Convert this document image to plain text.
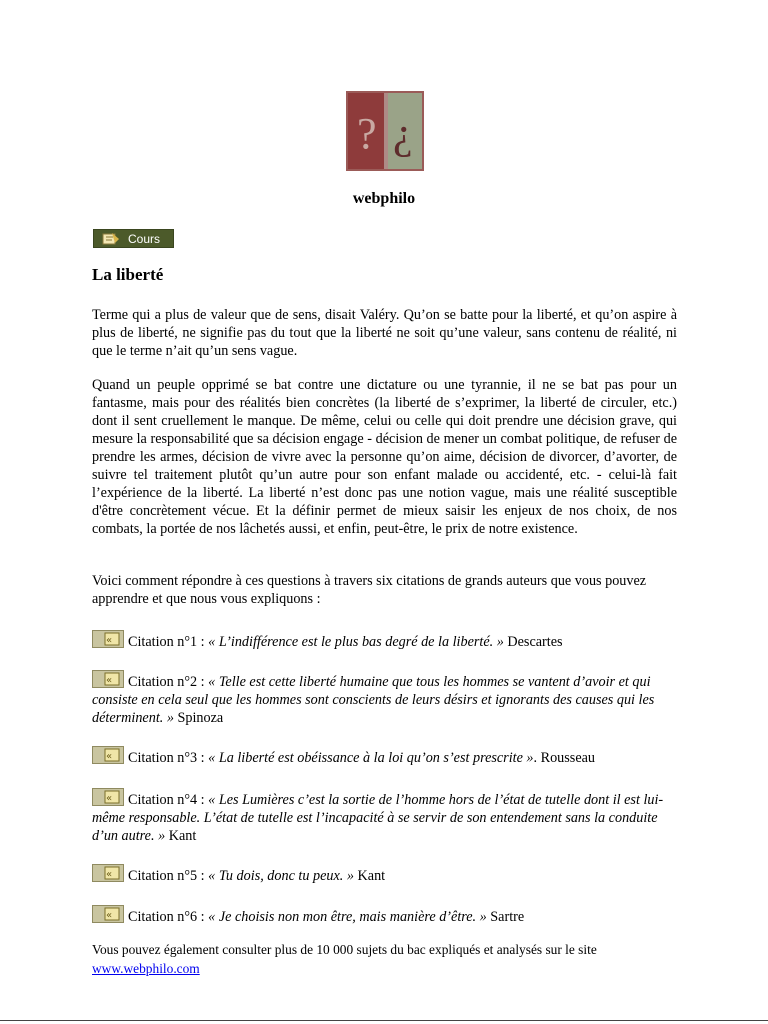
? ¿
webphilo
Cours
La liberté

Terme qui a plus de valeur que de sens, disait Valéry. Qu’on se batte pour la liberté, et qu’on aspire à plus de liberté, ne signifie pas du tout que la liberté ne soit qu’une valeur, sans contenu de réalité, ni que le terme n’ait qu’un sens vague.

Quand un peuple opprimé se bat contre une dictature ou une tyrannie, il ne se bat pas pour un fantasme, mais pour des réalités bien concrètes (la liberté de s’exprimer, la liberté de circuler, etc.) dont il sent cruellement le manque. De même, celui ou celle qui doit prendre une décision grave, qui mesure la responsabilité que sa décision engage - décision de mener un combat politique, de refuser de prendre les armes, décision de vivre avec la personne qu’on aime, décision de divorcer, d’avorter, de suivre tel traitement plutôt qu’un autre pour son enfant malade ou accidenté, etc. - celui-là fait l’expérience de la liberté. La liberté n’est donc pas une notion vague, mais une réalité susceptible d'être concrètement vécue. Et la définir permet de mieux saisir les enjeux de nos choix, de nos combats, la portée de nos lâchetés aussi, et enfin, peut-être, le prix de notre existence.

Voici comment répondre à ces questions à travers six citations de grands auteurs que vous pouvez apprendre et que nous vous expliquons :

« Citation n°1 : « L’indifférence est le plus bas degré de la liberté. » Descartes

« Citation n°2 : « Telle est cette liberté humaine que tous les hommes se vantent d’avoir et qui consiste en cela seul que les hommes sont conscients de leurs désirs et ignorants des causes qui les déterminent. » Spinoza

« Citation n°3 : « La liberté est obéissance à la loi qu’on s’est prescrite ». Rousseau

« Citation n°4 : « Les Lumières c’est la sortie de l’homme hors de l’état de tutelle dont il est lui-même responsable. L’état de tutelle est l’incapacité à se servir de son entendement sans la conduite d’un autre. » Kant

« Citation n°5 : « Tu dois, donc tu peux. » Kant

« Citation n°6 : « Je choisis non mon être, mais manière d’être. » Sartre

Vous pouvez également consulter plus de 10 000 sujets du bac expliqués et analysés sur le site
www.webphilo.com
